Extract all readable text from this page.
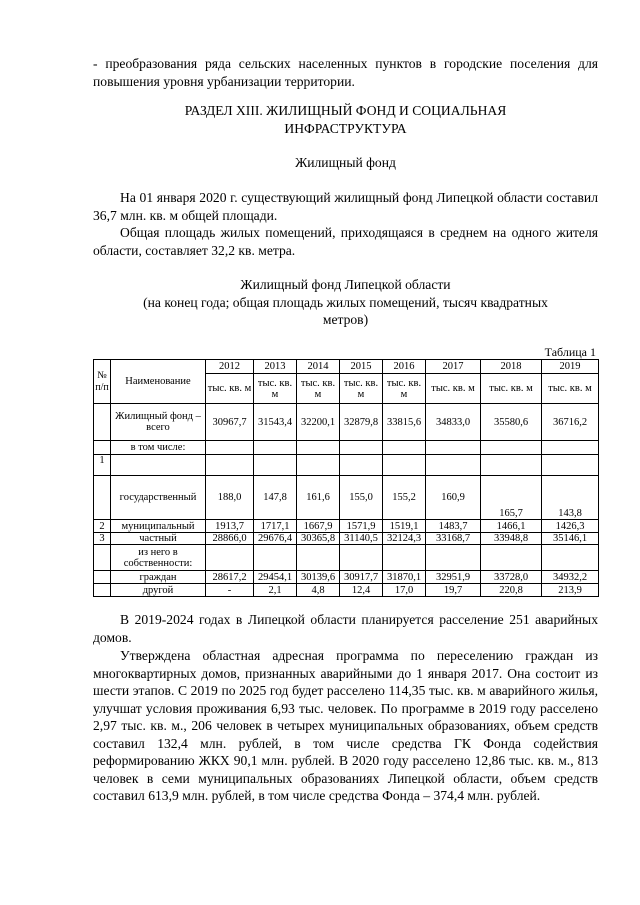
- преобразования ряда сельских населенных пунктов в городские поселения для повышения уровня урбанизации территории.

РАЗДЕЛ XIII. ЖИЛИЩНЫЙ ФОНД И СОЦИАЛЬНАЯ
ИНФРАСТРУКТУРА
Жилищный фонд

На 01 января 2020 г. существующий жилищный фонд Липецкой области составил 36,7 млн. кв. м общей площади.

Общая площадь жилых помещений, приходящаяся в среднем на одного жителя области, составляет 32,2 кв. метра.

Жилищный фонд Липецкой области
(на конец года; общая площадь жилых помещений, тысяч квадратных
метров)
Таблица 1
№ п/п	Наименование	2012	2013	2014	2015	2016	2017	2018	2019
		тыс. кв. м	тыс. кв. м	тыс. кв. м	тыс. кв. м	тыс. кв. м	тыс. кв. м	тыс. кв. м	тыс. кв. м
	Жилищный фонд – всего	30967,7	31543,4	32200,1	32879,8	33815,6	34833,0	35580,6	36716,2
	в том числе:								
1									
	государственный	188,0	147,8	161,6	155,0	155,2	160,9	165,7	143,8
2	муниципальный	1913,7	1717,1	1667,9	1571,9	1519,1	1483,7	1466,1	1426,3
3	частный	28866,0	29676,4	30365,8	31140,5	32124,3	33168,7	33948,8	35146,1
	из него в собственности:								
	граждан	28617,2	29454,1	30139,6	30917,7	31870,1	32951,9	33728,0	34932,2
	другой	-	2,1	4,8	12,4	17,0	19,7	220,8	213,9

В 2019-2024 годах в Липецкой области планируется расселение 251 аварийных домов.

Утверждена областная адресная программа по переселению граждан из многоквартирных домов, признанных аварийными до 1 января 2017. Она состоит из шести этапов. С 2019 по 2025 год будет расселено 114,35 тыс. кв. м аварийного жилья, улучшат условия проживания 6,93 тыс. человек. По программе в 2019 году расселено 2,97 тыс. кв. м., 206 человек в четырех муниципальных образованиях, объем средств составил 132,4 млн. рублей, в том числе средства ГК Фонда содействия реформированию ЖКХ 90,1 млн. рублей. В 2020 году расселено 12,86 тыс. кв. м., 813 человек в семи муниципальных образованиях Липецкой области, объем средств составил 613,9 млн. рублей, в том числе средства Фонда – 374,4 млн. рублей.
